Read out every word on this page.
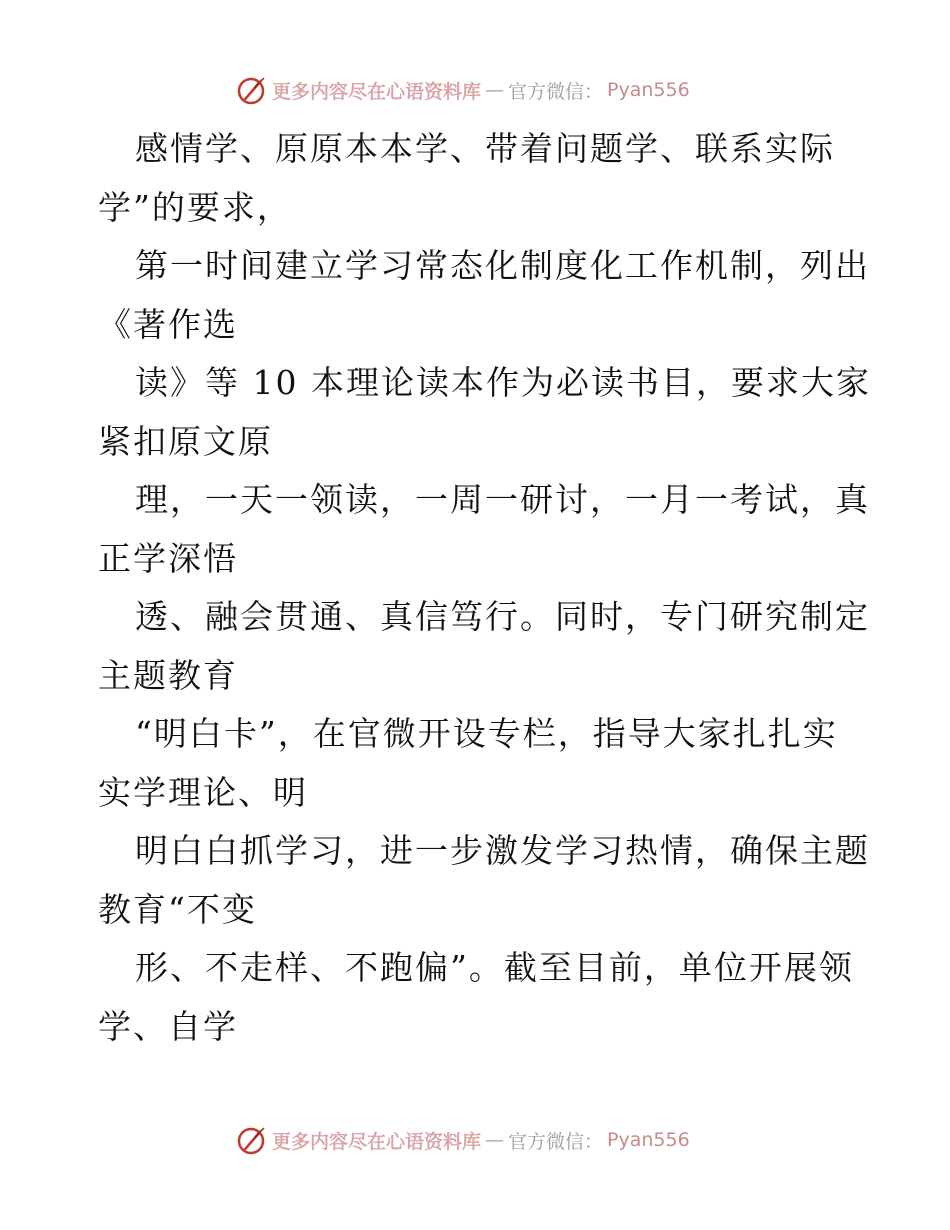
更多内容尽在心语资料库 — 官方微信： Pyan556
感情学、原原本本学、带着问题学、联系实际
学”的要求，
第一时间建立学习常态化制度化工作机制，列出
《著作选
读》等 10 本理论读本作为必读书目，要求大家
紧扣原文原
理，一天一领读，一周一研讨，一月一考试，真
正学深悟
透、融会贯通、真信笃行。同时，专门研究制定
主题教育
“明白卡”，在官微开设专栏，指导大家扎扎实
实学理论、明
明白白抓学习，进一步激发学习热情，确保主题
教育“不变
形、不走样、不跑偏”。截至目前，单位开展领
学、自学
更多内容尽在心语资料库 — 官方微信： Pyan556
